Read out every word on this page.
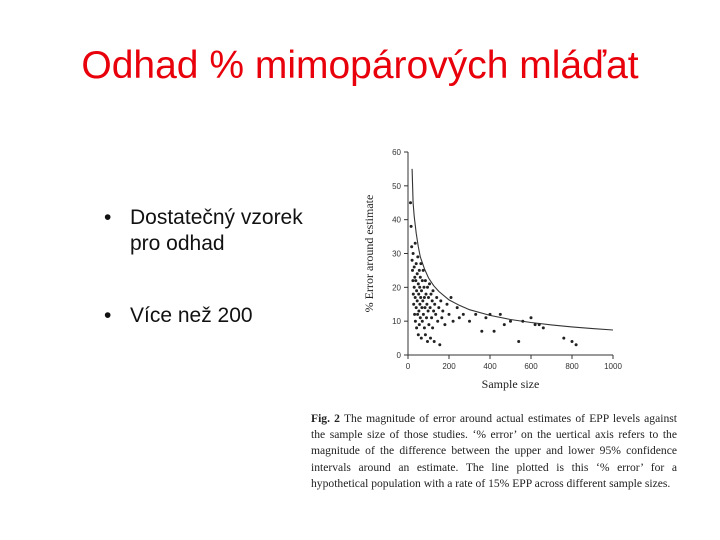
Odhad % mimopárových mláďat
• Dostatečný vzorek pro odhad
• Více než 200
0
10
20
30
40
50
60
0	200	400	600	800	1000
Sample size
% Error around estimate

Fig. 2 The magnitude of error around actual estimates of EPP levels against the sample size of those studies. ‘% error’ on the uertical axis refers to the magnitude of the difference between the upper and lower 95% confidence intervals around an estimate. The line plotted is this ‘% error’ for a hypothetical population with a rate of 15% EPP across different sample sizes.
